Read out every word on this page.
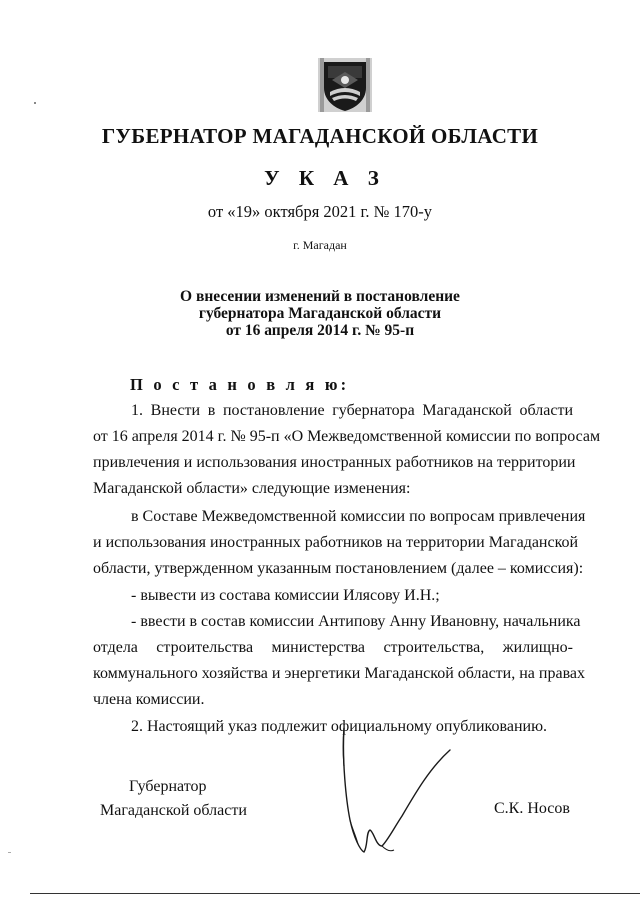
ГУБЕРНАТОР МАГАДАНСКОЙ ОБЛАСТИ
У К А З
от «19» октября 2021 г. № 170-у
г. Магадан
О внесении изменений в постановление
губернатора Магаданской области
от 16 апреля 2014 г. № 95-п
П о с т а н о в л я ю:
1. Внести в постановление губернатора Магаданской области
от 16 апреля 2014 г. № 95-п «О Межведомственной комиссии по вопросам
привлечения и использования иностранных работников на территории
Магаданской области» следующие изменения:
в Составе Межведомственной комиссии по вопросам привлечения
и использования иностранных работников на территории Магаданской
области, утвержденном указанным постановлением (далее – комиссия):
- вывести из состава комиссии Илясову И.Н.;
- ввести в состав комиссии Антипову Анну Ивановну, начальника
отдела строительства министерства строительства, жилищно-
коммунального хозяйства и энергетики Магаданской области, на правах
члена комиссии.
2. Настоящий указ подлежит официальному опубликованию.
Губернатор
Магаданской области	С.К. Носов
